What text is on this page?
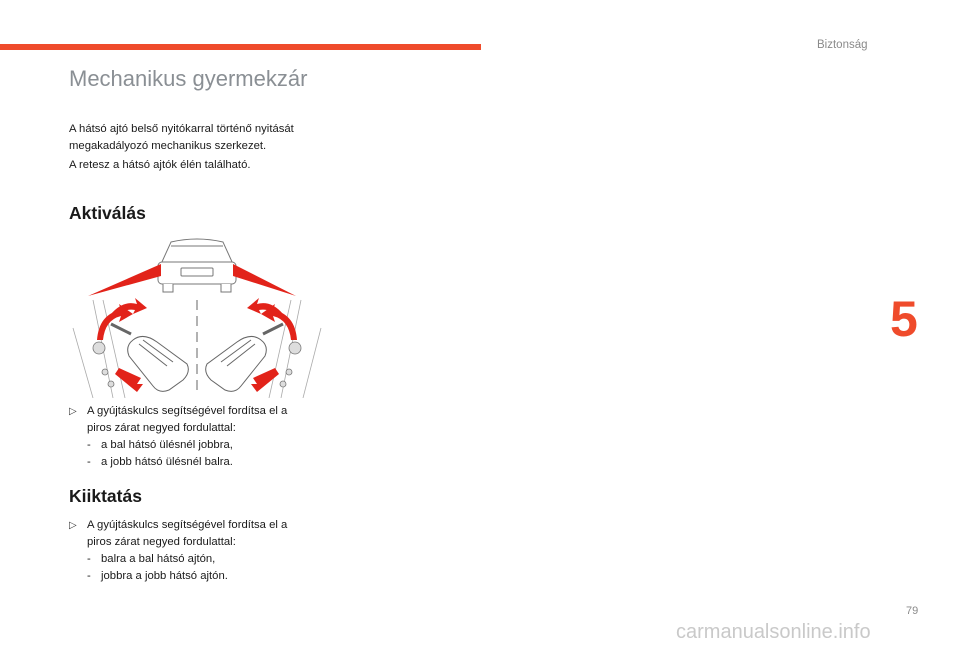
Biztonság
Mechanikus gyermekzár

A hátsó ajtó belső nyitókarral történő nyitását
megakadályozó mechanikus szerkezet.

A retesz a hátsó ajtók élén található.

Aktiválás
▷ A gyújtáskulcs segítségével fordítsa el a
piros zárat negyed fordulattal:
- a bal hátsó ülésnél jobbra,
- a jobb hátsó ülésnél balra.
Kiiktatás
▷ A gyújtáskulcs segítségével fordítsa el a
piros zárat negyed fordulattal:
- balra a bal hátsó ajtón,
- jobbra a jobb hátsó ajtón.
5
79
carmanualsonline.info
